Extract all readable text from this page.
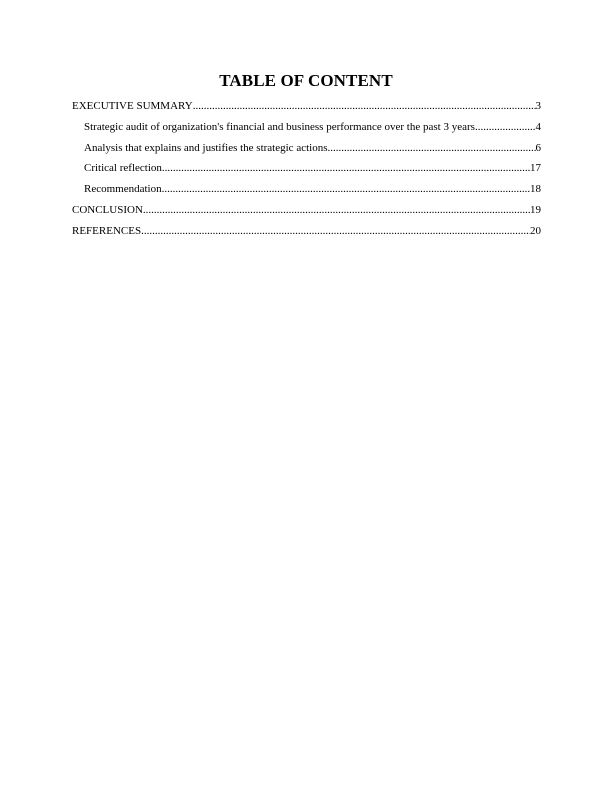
TABLE OF CONTENT
EXECUTIVE SUMMARY .....	3
Strategic audit of organization's financial and business performance over the past 3 years .....	4
Analysis that explains and justifies the strategic actions .....	6
Critical reflection .....	17
Recommendation .....	18
CONCLUSION .....	19
REFERENCES .....	20
